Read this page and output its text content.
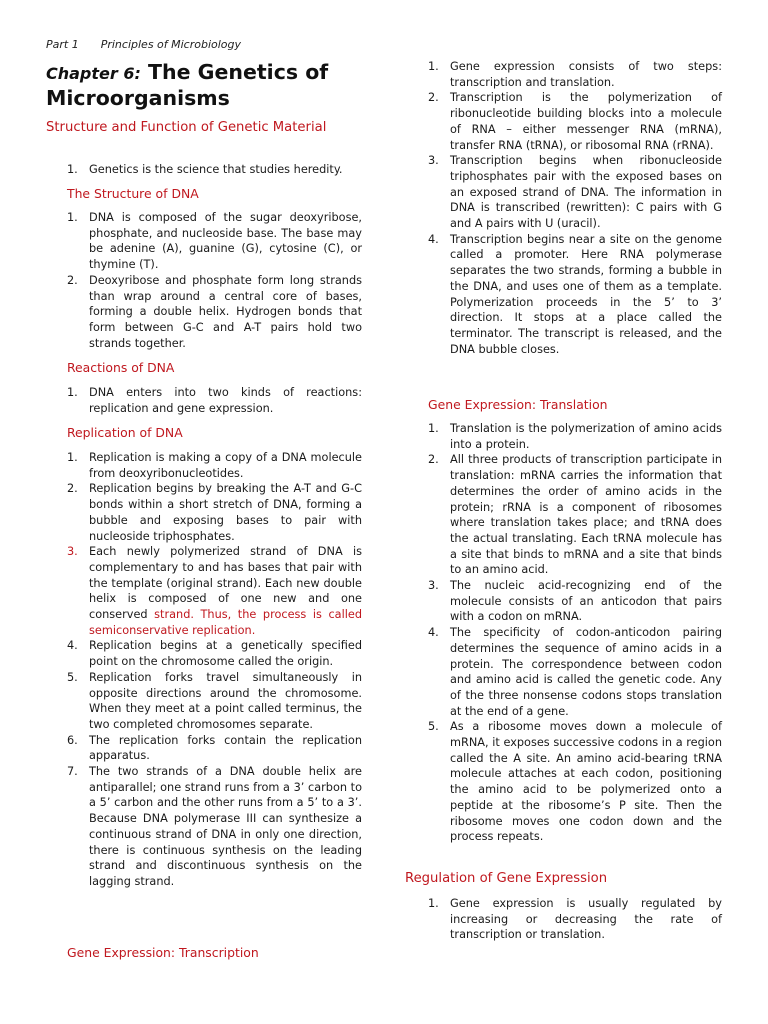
Part 1 Principles of Microbiology
Chapter 6: The Genetics of Microorganisms
Structure and Function of Genetic Material
1. Genetics is the science that studies heredity.
The Structure of DNA
1. DNA is composed of the sugar deoxyribose, phosphate, and nucleoside base. The base may be adenine (A), guanine (G), cytosine (C), or thymine (T).
2. Deoxyribose and phosphate form long strands than wrap around a central core of bases, forming a double helix. Hydrogen bonds that form between G-C and A-T pairs hold two strands together.
Reactions of DNA
1. DNA enters into two kinds of reactions: replication and gene expression.
Replication of DNA
1. Replication is making a copy of a DNA molecule from deoxyribonucleotides.
2. Replication begins by breaking the A-T and G-C bonds within a short stretch of DNA, forming a bubble and exposing bases to pair with nucleoside triphosphates.
3. Each newly polymerized strand of DNA is complementary to and has bases that pair with the template (original strand). Each new double helix is composed of one new and one conserved strand. Thus, the process is called semiconservative replication.
4. Replication begins at a genetically specified point on the chromosome called the origin.
5. Replication forks travel simultaneously in opposite directions around the chromosome. When they meet at a point called terminus, the two completed chromosomes separate.
6. The replication forks contain the replication apparatus.
7. The two strands of a DNA double helix are antiparallel; one strand runs from a 3’ carbon to a 5’ carbon and the other runs from a 5’ to a 3’. Because DNA polymerase III can synthesize a continuous strand of DNA in only one direction, there is continuous synthesis on the leading strand and discontinuous synthesis on the lagging strand.
Gene Expression: Transcription
1. Gene expression consists of two steps: transcription and translation.
2. Transcription is the polymerization of ribonucleotide building blocks into a molecule of RNA – either messenger RNA (mRNA), transfer RNA (tRNA), or ribosomal RNA (rRNA).
3. Transcription begins when ribonucleoside triphosphates pair with the exposed bases on an exposed strand of DNA. The information in DNA is transcribed (rewritten): C pairs with G and A pairs with U (uracil).
4. Transcription begins near a site on the genome called a promoter. Here RNA polymerase separates the two strands, forming a bubble in the DNA, and uses one of them as a template. Polymerization proceeds in the 5’ to 3’ direction. It stops at a place called the terminator. The transcript is released, and the DNA bubble closes.
Gene Expression: Translation
1. Translation is the polymerization of amino acids into a protein.
2. All three products of transcription participate in translation: mRNA carries the information that determines the order of amino acids in the protein; rRNA is a component of ribosomes where translation takes place; and tRNA does the actual translating. Each tRNA molecule has a site that binds to mRNA and a site that binds to an amino acid.
3. The nucleic acid-recognizing end of the molecule consists of an anticodon that pairs with a codon on mRNA.
4. The specificity of codon-anticodon pairing determines the sequence of amino acids in a protein. The correspondence between codon and amino acid is called the genetic code. Any of the three nonsense codons stops translation at the end of a gene.
5. As a ribosome moves down a molecule of mRNA, it exposes successive codons in a region called the A site. An amino acid-bearing tRNA molecule attaches at each codon, positioning the amino acid to be polymerized onto a peptide at the ribosome’s P site. Then the ribosome moves one codon down and the process repeats.
Regulation of Gene Expression
1. Gene expression is usually regulated by increasing or decreasing the rate of transcription or translation.
